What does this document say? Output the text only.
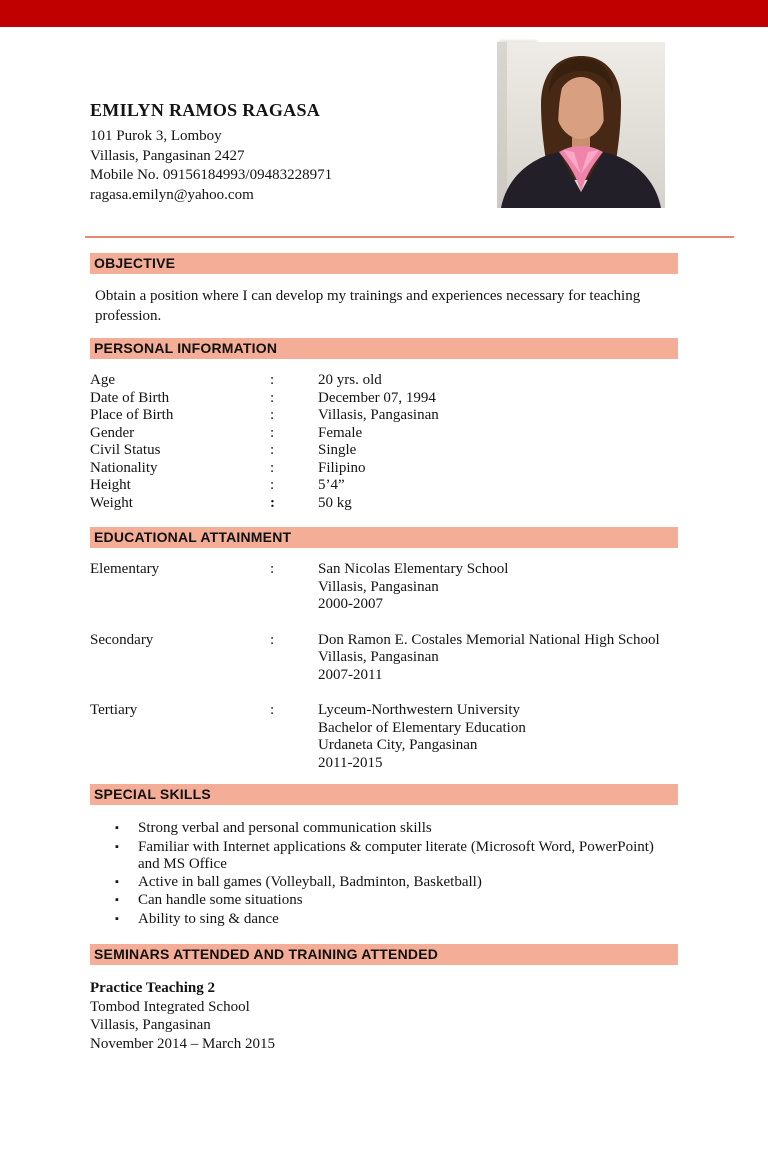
EMILYN RAMOS RAGASA
101 Purok 3, Lomboy
Villasis, Pangasinan 2427
Mobile No. 09156184993/09483228971
ragasa.emilyn@yahoo.com
OBJECTIVE

Obtain a position where I can develop my trainings and experiences necessary for teaching profession.

PERSONAL INFORMATION
Age	:	20 yrs. old
Date of Birth	:	December 07, 1994
Place of Birth	:	Villasis, Pangasinan
Gender	:	Female
Civil Status	:	Single
Nationality	:	Filipino
Height	:	5’4”
Weight	:	50 kg
EDUCATIONAL ATTAINMENT
Elementary	:	San Nicolas Elementary School
Villasis, Pangasinan
2000-2007
Secondary	:	Don Ramon E. Costales Memorial National High School
Villasis, Pangasinan
2007-2011
Tertiary	:	Lyceum-Northwestern University
Bachelor of Elementary Education
Urdaneta City, Pangasinan
2011-2015
SPECIAL SKILLS
▪
Strong verbal and personal communication skills
▪
Familiar with Internet applications & computer literate (Microsoft Word, PowerPoint) and MS Office
▪
Active in ball games (Volleyball, Badminton, Basketball)
▪
Can handle some situations
▪
Ability to sing & dance
SEMINARS ATTENDED AND TRAINING ATTENDED
Practice Teaching 2
Tombod Integrated School
Villasis, Pangasinan
November 2014 – March 2015
